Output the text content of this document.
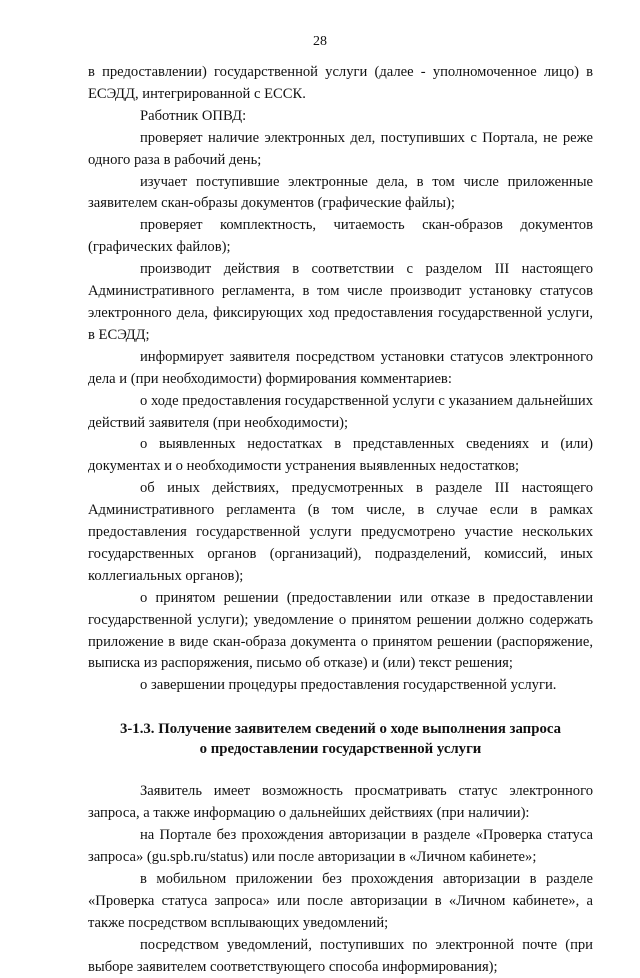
28

в предоставлении) государственной услуги (далее - уполномоченное лицо) в ЕСЭДД, интегрированной с ЕССК.

Работник ОПВД:

проверяет наличие электронных дел, поступивших с Портала, не реже одного раза в рабочий день;

изучает поступившие электронные дела, в том числе приложенные заявителем скан-образы документов (графические файлы);

проверяет комплектность, читаемость скан-образов документов (графических файлов);

производит действия в соответствии с разделом III настоящего Административного регламента, в том числе производит установку статусов электронного дела, фиксирующих ход предоставления государственной услуги, в ЕСЭДД;

информирует заявителя посредством установки статусов электронного дела и (при необходимости) формирования комментариев:

о ходе предоставления государственной услуги с указанием дальнейших действий заявителя (при необходимости);

о выявленных недостатках в представленных сведениях и (или) документах и о необходимости устранения выявленных недостатков;

об иных действиях, предусмотренных в разделе III настоящего Административного регламента (в том числе, в случае если в рамках предоставления государственной услуги предусмотрено участие нескольких государственных органов (организаций), подразделений, комиссий, иных коллегиальных органов);

о принятом решении (предоставлении или отказе в предоставлении государственной услуги); уведомление о принятом решении должно содержать приложение в виде скан-образа документа о принятом решении (распоряжение, выписка из распоряжения, письмо об отказе) и (или) текст решения;

о завершении процедуры предоставления государственной услуги.

3-1.3. Получение заявителем сведений о ходе выполнения запроса
о предоставлении государственной услуги

Заявитель имеет возможность просматривать статус электронного запроса, а также информацию о дальнейших действиях (при наличии):

на Портале без прохождения авторизации в разделе «Проверка статуса запроса» (gu.spb.ru/status) или после авторизации в «Личном кабинете»;

в мобильном приложении без прохождения авторизации в разделе «Проверка статуса запроса» или после авторизации в «Личном кабинете», а также посредством всплывающих уведомлений;

посредством уведомлений, поступивших по электронной почте (при выборе заявителем соответствующего способа информирования);
